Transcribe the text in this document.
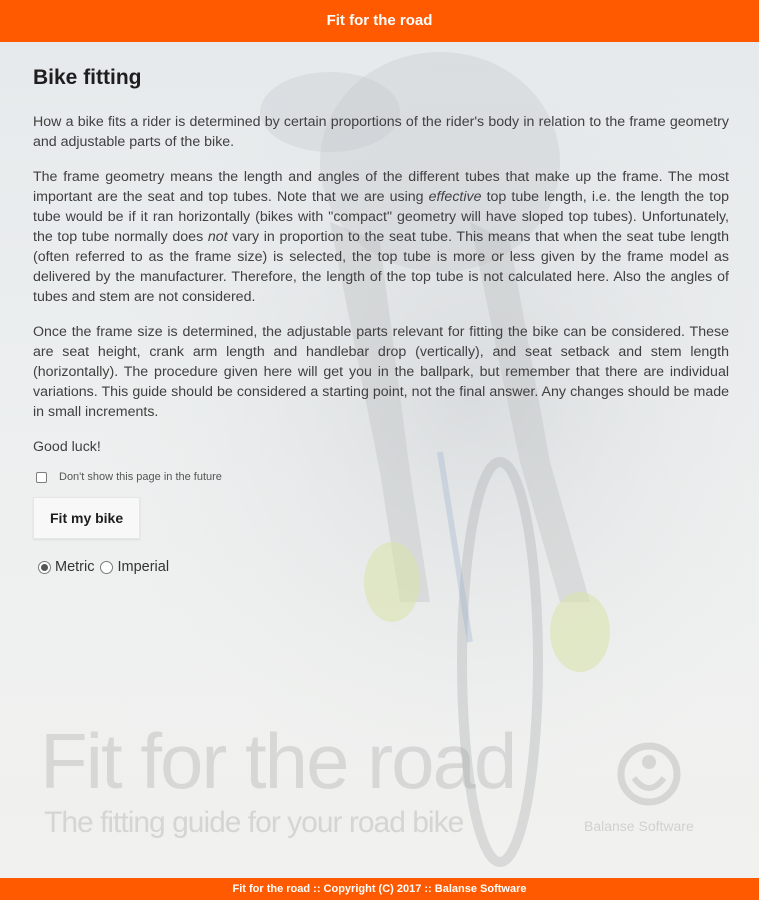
Fit for the road
Bike fitting

How a bike fits a rider is determined by certain proportions of the rider's body in relation to the frame geometry and adjustable parts of the bike.

The frame geometry means the length and angles of the different tubes that make up the frame. The most important are the seat and top tubes. Note that we are using effective top tube length, i.e. the length the top tube would be if it ran horizontally (bikes with "compact" geometry will have sloped top tubes). Unfortunately, the top tube normally does not vary in proportion to the seat tube. This means that when the seat tube length (often referred to as the frame size) is selected, the top tube is more or less given by the frame model as delivered by the manufacturer. Therefore, the length of the top tube is not calculated here. Also the angles of tubes and stem are not considered.

Once the frame size is determined, the adjustable parts relevant for fitting the bike can be considered. These are seat height, crank arm length and handlebar drop (vertically), and seat setback and stem length (horizontally). The procedure given here will get you in the ballpark, but remember that there are individual variations. This guide should be considered a starting point, not the final answer. Any changes should be made in small increments.

Good luck!

Don't show this page in the future
Fit my bike
Metric Imperial
Fit for the road
The fitting guide for your road bike	Balanse Software
Fit for the road :: Copyright (C) 2017 :: Balanse Software
